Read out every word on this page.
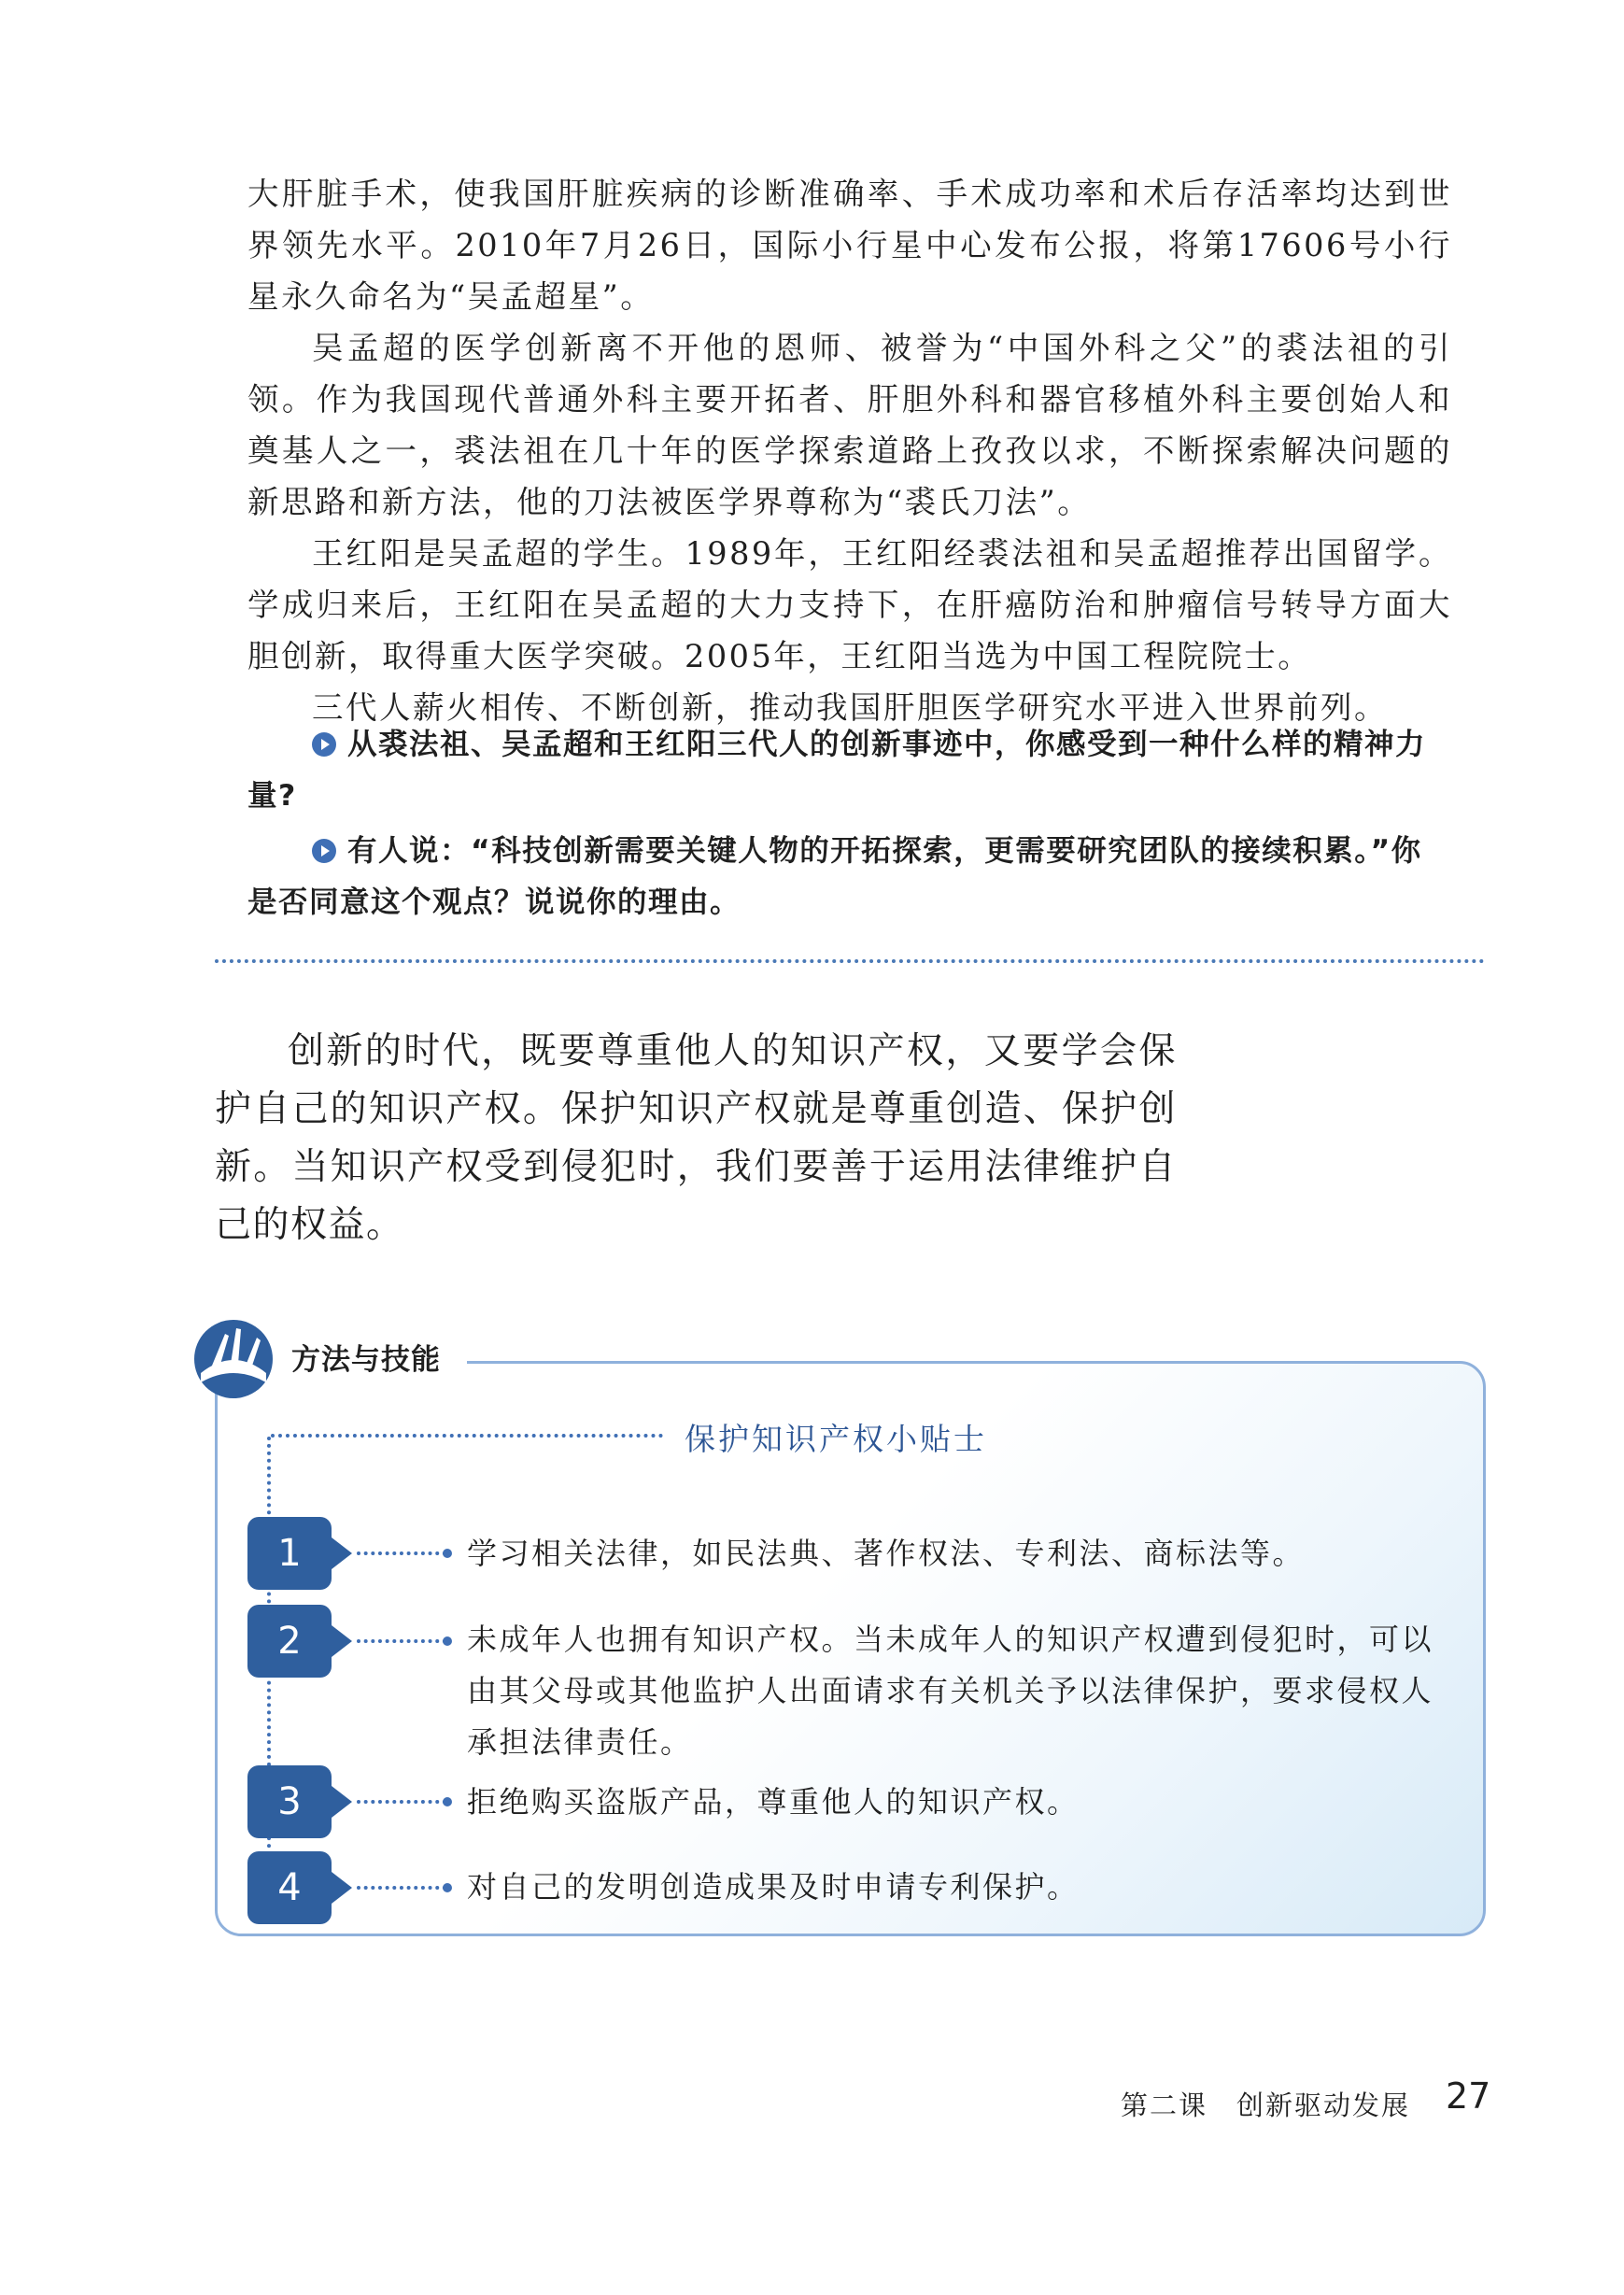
大肝脏手术，使我国肝脏疾病的诊断准确率、手术成功率和术后存活率均达到世界领先水平。2010年7月26日，国际小行星中心发布公报，将第17606号小行星永久命名为“吴孟超星”。

吴孟超的医学创新离不开他的恩师、被誉为“中国外科之父”的裘法祖的引领。作为我国现代普通外科主要开拓者、肝胆外科和器官移植外科主要创始人和奠基人之一，裘法祖在几十年的医学探索道路上孜孜以求，不断探索解决问题的新思路和新方法，他的刀法被医学界尊称为“裘氏刀法”。

王红阳是吴孟超的学生。1989年，王红阳经裘法祖和吴孟超推荐出国留学。学成归来后，王红阳在吴孟超的大力支持下，在肝癌防治和肿瘤信号转导方面大胆创新，取得重大医学突破。2005年，王红阳当选为中国工程院院士。

三代人薪火相传、不断创新，推动我国肝胆医学研究水平进入世界前列。

从裘法祖、吴孟超和王红阳三代人的创新事迹中，你感受到一种什么样的精神力量?

有人说：“科技创新需要关键人物的开拓探索，更需要研究团队的接续积累。”你是否同意这个观点？说说你的理由。

创新的时代，既要尊重他人的知识产权，又要学会保护自己的知识产权。保护知识产权就是尊重创造、保护创新。当知识产权受到侵犯时，我们要善于运用法律维护自己的权益。

方法与技能
保护知识产权小贴士
1	学习相关法律，如民法典、著作权法、专利法、商标法等。

2	未成年人也拥有知识产权。当未成年人的知识产权遭到侵犯时，可以由其父母或其他监护人出面请求有关机关予以法律保护，要求侵权人承担法律责任。

3	拒绝购买盗版产品，尊重他人的知识产权。

4	对自己的发明创造成果及时申请专利保护。

第二课　创新驱动发展 27
